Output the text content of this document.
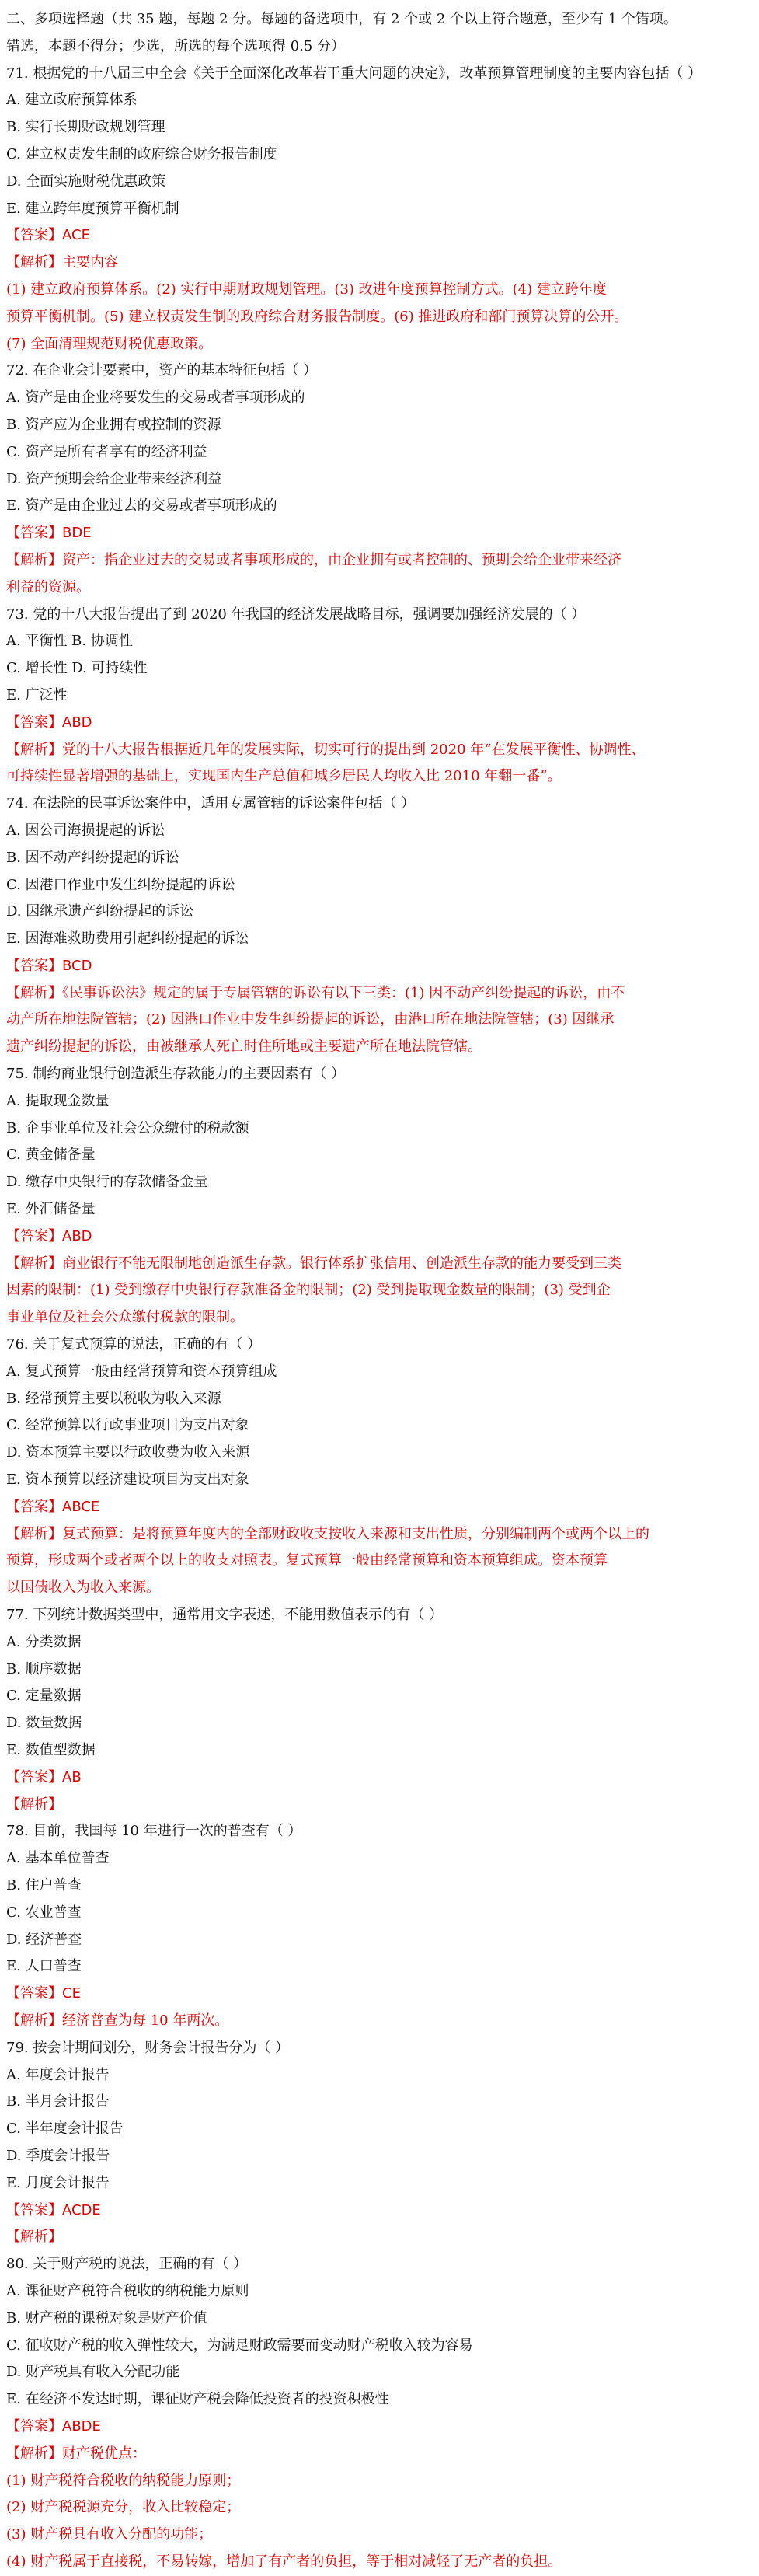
二、多项选择题（共 35 题，每题 2 分。每题的备选项中，有 2 个或 2 个以上符合题意，至少有 1 个错项。

错选，本题不得分；少选，所选的每个选项得 0.5 分）

71. 根据党的十八届三中全会《关于全面深化改革若干重大问题的决定》，改革预算管理制度的主要内容包括（ ）

A. 建立政府预算体系

B. 实行长期财政规划管理

C. 建立权责发生制的政府综合财务报告制度

D. 全面实施财税优惠政策

E. 建立跨年度预算平衡机制

【答案】ACE

【解析】主要内容

(1) 建立政府预算体系。(2) 实行中期财政规划管理。(3) 改进年度预算控制方式。(4) 建立跨年度

预算平衡机制。(5) 建立权责发生制的政府综合财务报告制度。(6) 推进政府和部门预算决算的公开。

(7) 全面清理规范财税优惠政策。

72. 在企业会计要素中，资产的基本特征包括（ ）

A. 资产是由企业将要发生的交易或者事项形成的

B. 资产应为企业拥有或控制的资源

C. 资产是所有者享有的经济利益

D. 资产预期会给企业带来经济利益

E. 资产是由企业过去的交易或者事项形成的

【答案】BDE

【解析】资产：指企业过去的交易或者事项形成的，由企业拥有或者控制的、预期会给企业带来经济

利益的资源。

73. 党的十八大报告提出了到 2020 年我国的经济发展战略目标，强调要加强经济发展的（ ）

A. 平衡性 B. 协调性

C. 增长性 D. 可持续性

E. 广泛性

【答案】ABD

【解析】党的十八大报告根据近几年的发展实际，切实可行的提出到 2020 年“在发展平衡性、协调性、

可持续性显著增强的基础上，实现国内生产总值和城乡居民人均收入比 2010 年翻一番”。

74. 在法院的民事诉讼案件中，适用专属管辖的诉讼案件包括（ ）

A. 因公司海损提起的诉讼

B. 因不动产纠纷提起的诉讼

C. 因港口作业中发生纠纷提起的诉讼

D. 因继承遗产纠纷提起的诉讼

E. 因海难救助费用引起纠纷提起的诉讼

【答案】BCD

【解析】《民事诉讼法》规定的属于专属管辖的诉讼有以下三类：(1) 因不动产纠纷提起的诉讼，由不

动产所在地法院管辖；(2) 因港口作业中发生纠纷提起的诉讼，由港口所在地法院管辖；(3) 因继承

遗产纠纷提起的诉讼，由被继承人死亡时住所地或主要遗产所在地法院管辖。

75. 制约商业银行创造派生存款能力的主要因素有（ ）

A. 提取现金数量

B. 企事业单位及社会公众缴付的税款额

C. 黄金储备量

D. 缴存中央银行的存款储备金量

E. 外汇储备量

【答案】ABD

【解析】商业银行不能无限制地创造派生存款。银行体系扩张信用、创造派生存款的能力要受到三类

因素的限制：(1) 受到缴存中央银行存款准备金的限制；(2) 受到提取现金数量的限制；(3) 受到企

事业单位及社会公众缴付税款的限制。

76. 关于复式预算的说法，正确的有（ ）

A. 复式预算一般由经常预算和资本预算组成

B. 经常预算主要以税收为收入来源

C. 经常预算以行政事业项目为支出对象

D. 资本预算主要以行政收费为收入来源

E. 资本预算以经济建设项目为支出对象

【答案】ABCE

【解析】复式预算：是将预算年度内的全部财政收支按收入来源和支出性质，分别编制两个或两个以上的

预算，形成两个或者两个以上的收支对照表。复式预算一般由经常预算和资本预算组成。资本预算

以国债收入为收入来源。

77. 下列统计数据类型中，通常用文字表述，不能用数值表示的有（ ）

A. 分类数据

B. 顺序数据

C. 定量数据

D. 数量数据

E. 数值型数据

【答案】AB

【解析】

78. 目前，我国每 10 年进行一次的普查有（ ）

A. 基本单位普查

B. 住户普查

C. 农业普查

D. 经济普查

E. 人口普查

【答案】CE

【解析】经济普查为每 10 年两次。

79. 按会计期间划分，财务会计报告分为（ ）

A. 年度会计报告

B. 半月会计报告

C. 半年度会计报告

D. 季度会计报告

E. 月度会计报告

【答案】ACDE

【解析】

80. 关于财产税的说法，正确的有（ ）

A. 课征财产税符合税收的纳税能力原则

B. 财产税的课税对象是财产价值

C. 征收财产税的收入弹性较大，为满足财政需要而变动财产税收入较为容易

D. 财产税具有收入分配功能

E. 在经济不发达时期，课征财产税会降低投资者的投资积极性

【答案】ABDE

【解析】财产税优点：

(1) 财产税符合税收的纳税能力原则；

(2) 财产税税源充分，收入比较稳定；

(3) 财产税具有收入分配的功能；

(4) 财产税属于直接税，不易转嫁，增加了有产者的负担，等于相对减轻了无产者的负担。
